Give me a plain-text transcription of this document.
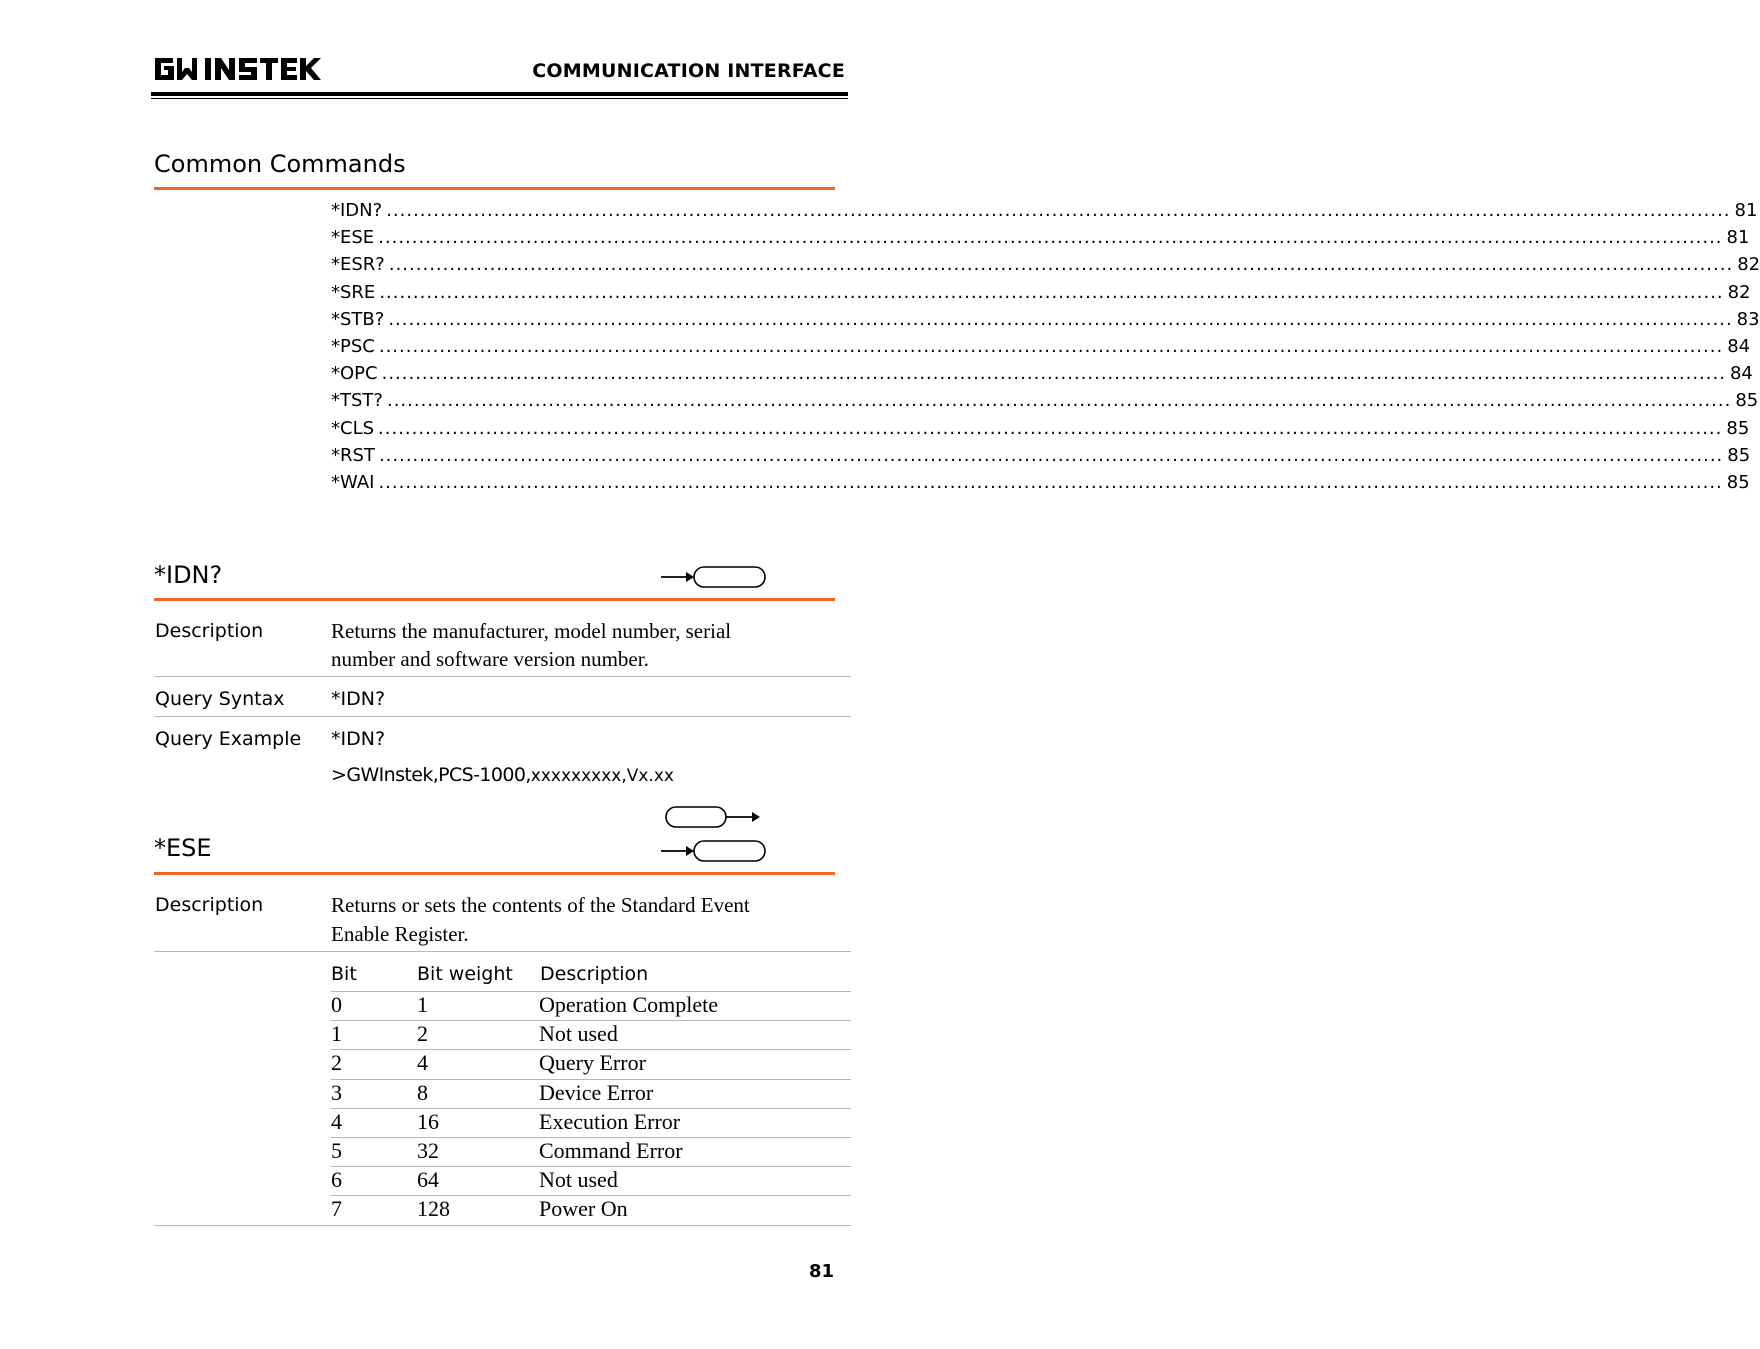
COMMUNICATION INTERFACE
Common Commands
*IDN? ........................................................................................................................................................................................................ 81
*ESE ........................................................................................................................................................................................................ 81
*ESR? ........................................................................................................................................................................................................ 82
*SRE ........................................................................................................................................................................................................ 82
*STB? ........................................................................................................................................................................................................ 83
*PSC ........................................................................................................................................................................................................ 84
*OPC ........................................................................................................................................................................................................ 84
*TST? ........................................................................................................................................................................................................ 85
*CLS ........................................................................................................................................................................................................ 85
*RST ........................................................................................................................................................................................................ 85
*WAI ........................................................................................................................................................................................................ 85
*IDN?
Description	Returns the manufacturer, model number, serial
number and software version number.
Query Syntax *IDN?
Query Example *IDN?
>GWInstek,PCS-1000,xxxxxxxxx,Vx.xx
*ESE
Description	Returns or sets the contents of the Standard Event
Enable Register.
Bit	Bit weight Description
0	1	Operation Complete
1	2	Not used
2	4	Query Error
3	8	Device Error
4	16	Execution Error
5	32	Command Error
6	64	Not used
7	128	Power On
81
